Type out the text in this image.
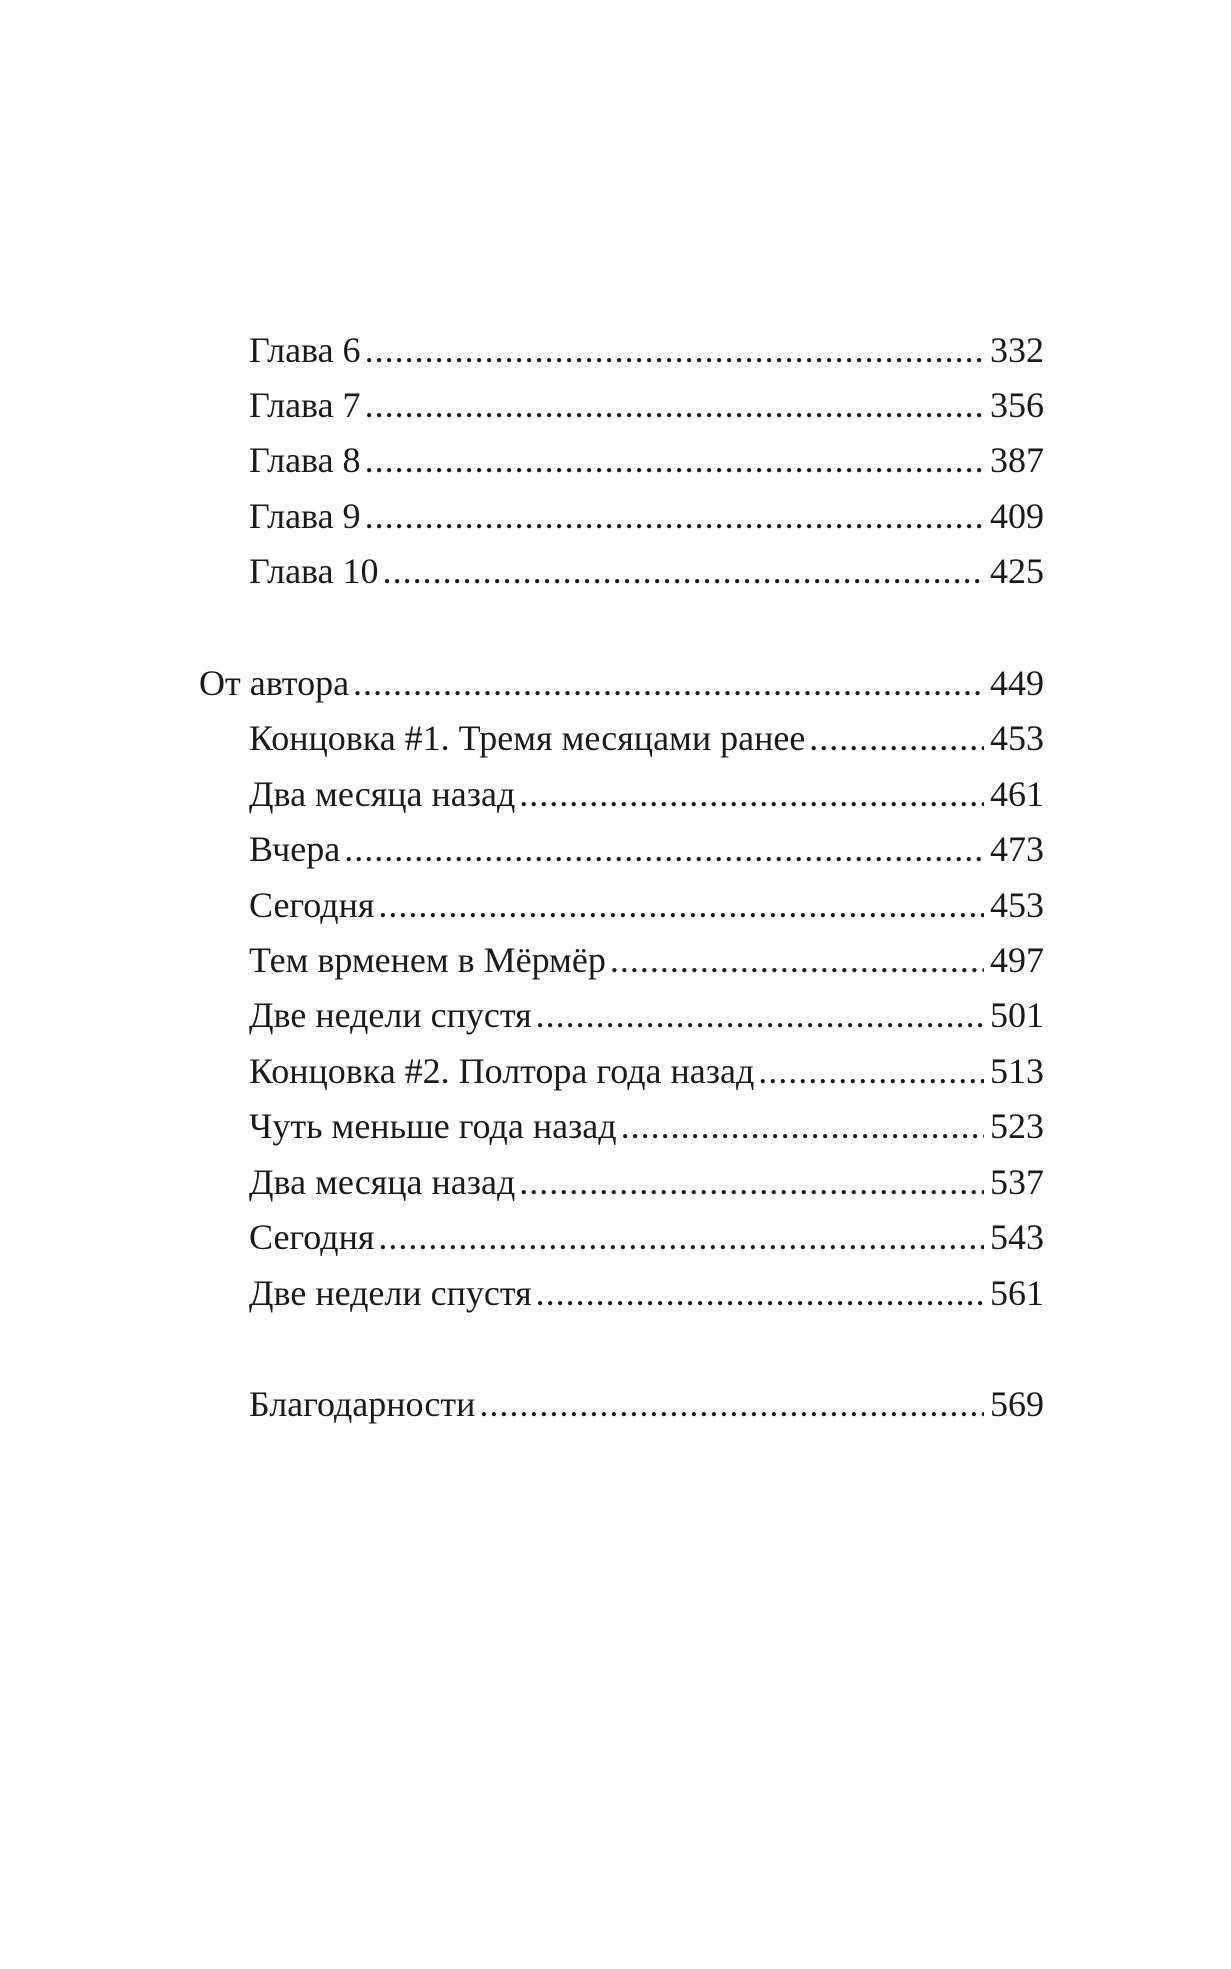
Глава 6 .....	332
Глава 7 .....	356
Глава 8 .....	387
Глава 9 .....	409
Глава 10 .....	425
От автора .....	449
Концовка #1. Тремя месяцами ранее .....	453
Два месяца назад .....	461
Вчера .....	473
Сегодня .....	453
Тем врменем в Мёрмёр .....	497
Две недели спустя .....	501
Концовка #2. Полтора года назад .....	513
Чуть меньше года назад .....	523
Два месяца назад .....	537
Сегодня .....	543
Две недели спустя .....	561
Благодарности .....	569
